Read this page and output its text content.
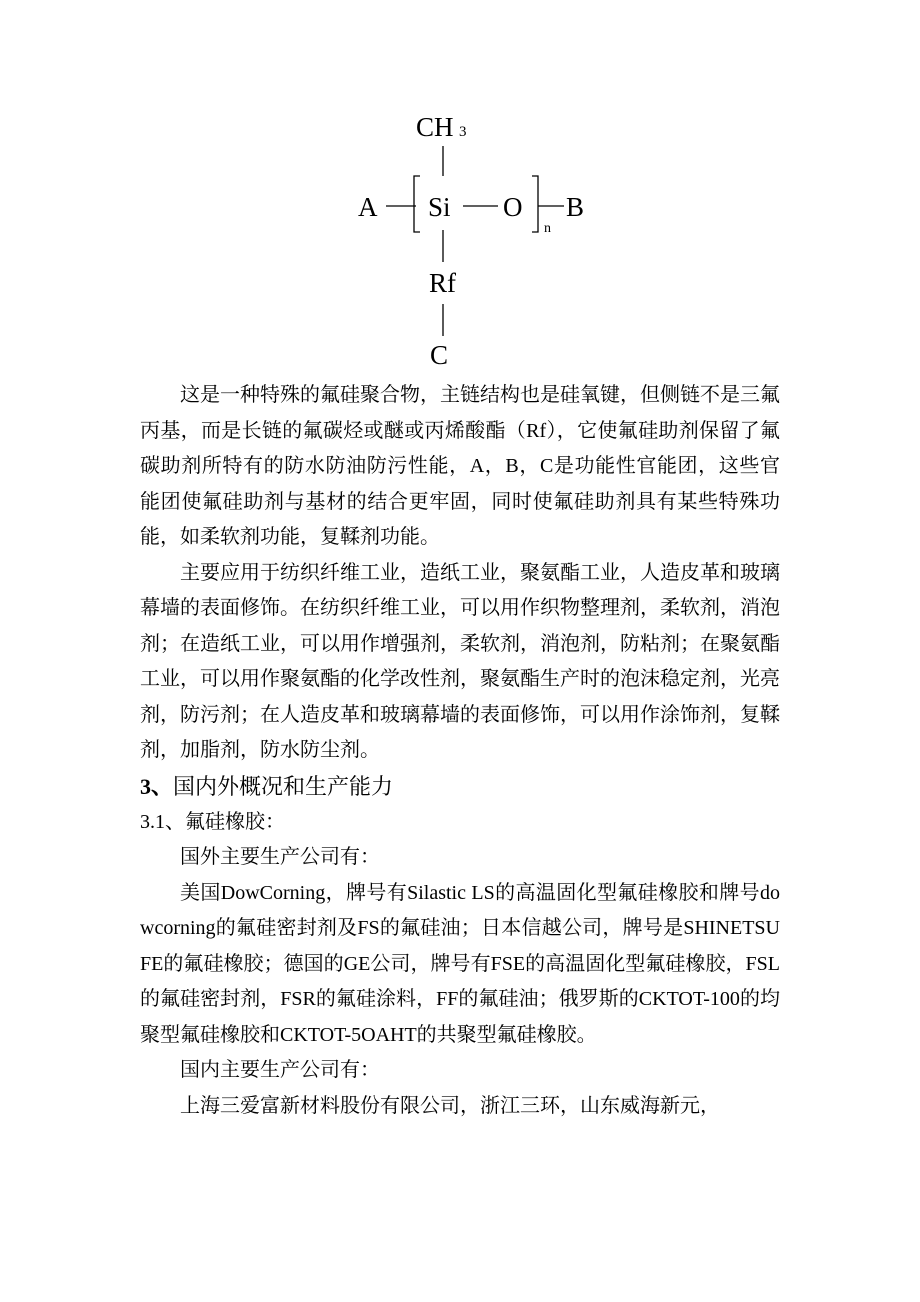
CH 3
A Si O
n
B
Rf
C

这是一种特殊的氟硅聚合物，主链结构也是硅氧键，但侧链不是三氟丙基，而是长链的氟碳烃或醚或丙烯酸酯（Rf），它使氟硅助剂保留了氟碳助剂所特有的防水防油防污性能，A，B，C是功能性官能团，这些官能团使氟硅助剂与基材的结合更牢固，同时使氟硅助剂具有某些特殊功能，如柔软剂功能，复鞣剂功能。

主要应用于纺织纤维工业，造纸工业，聚氨酯工业，人造皮革和玻璃幕墙的表面修饰。在纺织纤维工业，可以用作织物整理剂，柔软剂，消泡剂；在造纸工业，可以用作增强剂，柔软剂，消泡剂，防粘剂；在聚氨酯工业，可以用作聚氨酯的化学改性剂，聚氨酯生产时的泡沫稳定剂，光亮剂，防污剂；在人造皮革和玻璃幕墙的表面修饰，可以用作涂饰剂，复鞣剂，加脂剂，防水防尘剂。

3、国内外概况和生产能力

3.1、氟硅橡胶：

国外主要生产公司有：

美国DowCorning，牌号有Silastic LS的高温固化型氟硅橡胶和牌号dowcorning的氟硅密封剂及FS的氟硅油；日本信越公司，牌号是SHINETSU FE的氟硅橡胶；德国的GE公司，牌号有FSE的高温固化型氟硅橡胶，FSL的氟硅密封剂，FSR的氟硅涂料，FF的氟硅油；俄罗斯的CKTOT-100的均聚型氟硅橡胶和CKTOT-5OAHT的共聚型氟硅橡胶。

国内主要生产公司有：

上海三爱富新材料股份有限公司，浙江三环，山东威海新元，
